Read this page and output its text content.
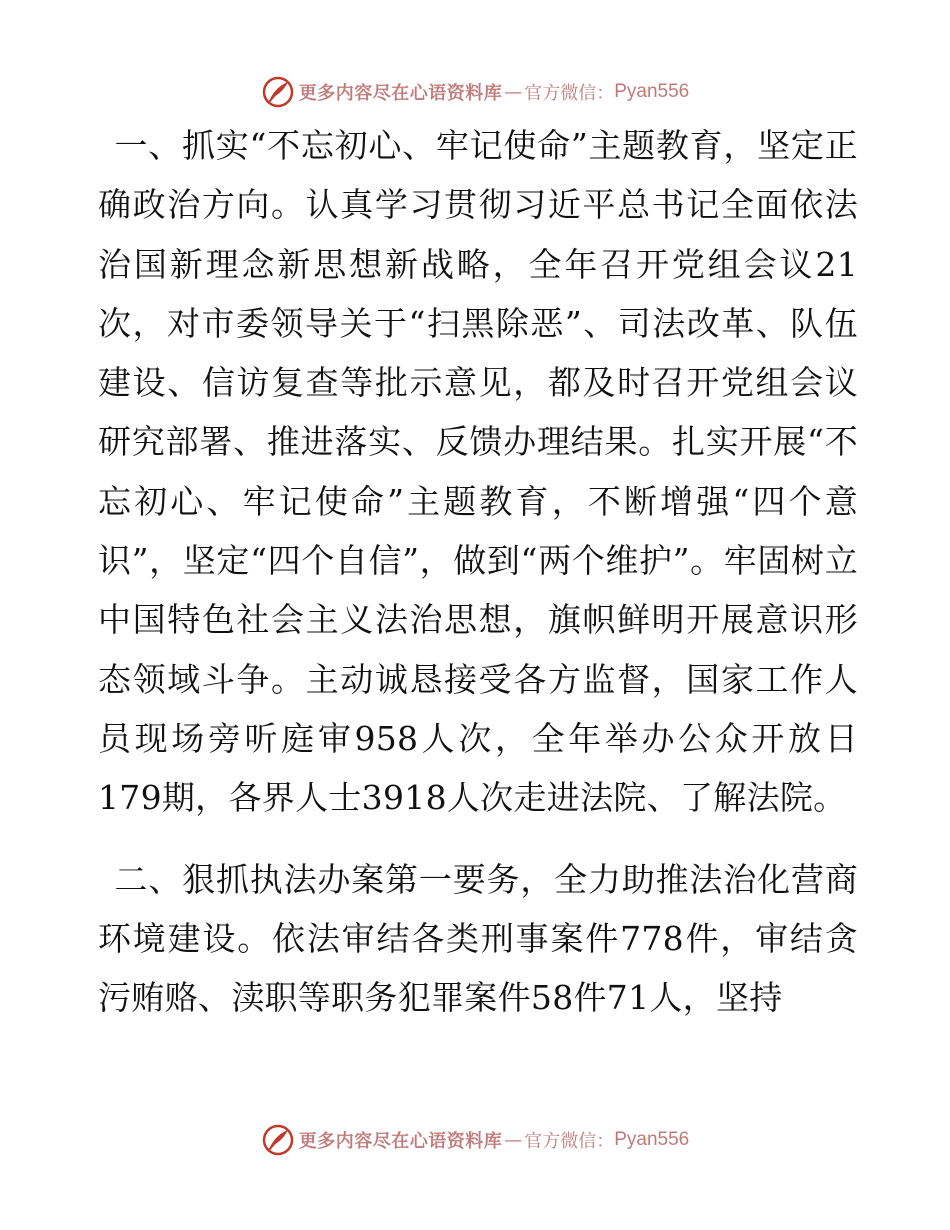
更多内容尽在心语资料库 — 官方微信： Pyan556

一、抓实“不忘初心、牢记使命”主题教育，坚定正确政治方向。认真学习贯彻习近平总书记全面依法治国新理念新思想新战略，全年召开党组会议21次，对市委领导关于“扫黑除恶”、司法改革、队伍建设、信访复查等批示意见，都及时召开党组会议研究部署、推进落实、反馈办理结果。扎实开展“不忘初心、牢记使命”主题教育，不断增强“四个意识”，坚定“四个自信”，做到“两个维护”。牢固树立中国特色社会主义法治思想，旗帜鲜明开展意识形态领域斗争。主动诚恳接受各方监督，国家工作人员现场旁听庭审958人次，全年举办公众开放日179期，各界人士3918人次走进法院、了解法院。

二、狠抓执法办案第一要务，全力助推法治化营商环境建设。依法审结各类刑事案件778件，审结贪污贿赂、渎职等职务犯罪案件58件71人，坚持

更多内容尽在心语资料库 — 官方微信： Pyan556
